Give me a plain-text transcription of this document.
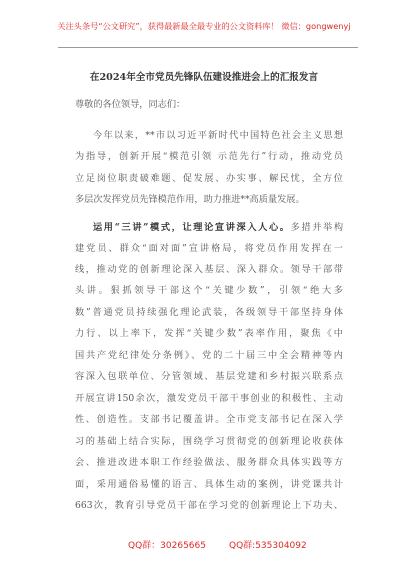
关注头条号“公文研究”，获得最新最全最专业的公文资料库！ 微信：gongwenyj
在2024年全市党员先锋队伍建设推进会上的汇报发言
尊敬的各位领导，同志们：
今年以来，**市以习近平新时代中国特色社会主义思想
为指导，创新开展“模范引领 示范先行”行动，推动党员
立足岗位职责破难题、促发展、办实事、解民忧，全方位
多层次发挥党员先锋模范作用，助力推进**高质量发展。
运用“三讲”模式，让理论宣讲深入人心。多措并举构
建党员、群众“面对面”宣讲格局，将党员作用发挥在一
线，推动党的创新理论深入基层、深入群众。领导干部带
头讲。狠抓领导干部这个“关键少数”，引领“绝大多
数”普通党员持续强化理论武装，各级领导干部坚持身体
力行、以上率下，发挥“关键少数”表率作用，聚焦《中
国共产党纪律处分条例》、党的二十届三中全会精神等内
容深入包联单位、分管领域、基层党建和乡村振兴联系点
开展宣讲150余次，激发党员干部干事创业的积极性、主动
性、创造性。支部书记覆盖讲。全市党支部书记在深入学
习的基础上结合实际，围绕学习贯彻党的创新理论收获体
会、推进改进本职工作经验做法、服务群众具体实践等方
面，采用通俗易懂的语言、具体生动的案例，讲党课共计
663次，教育引导党员干部在学习党的创新理论上下功夫、
QQ群：30265665	QQ群:535304092
